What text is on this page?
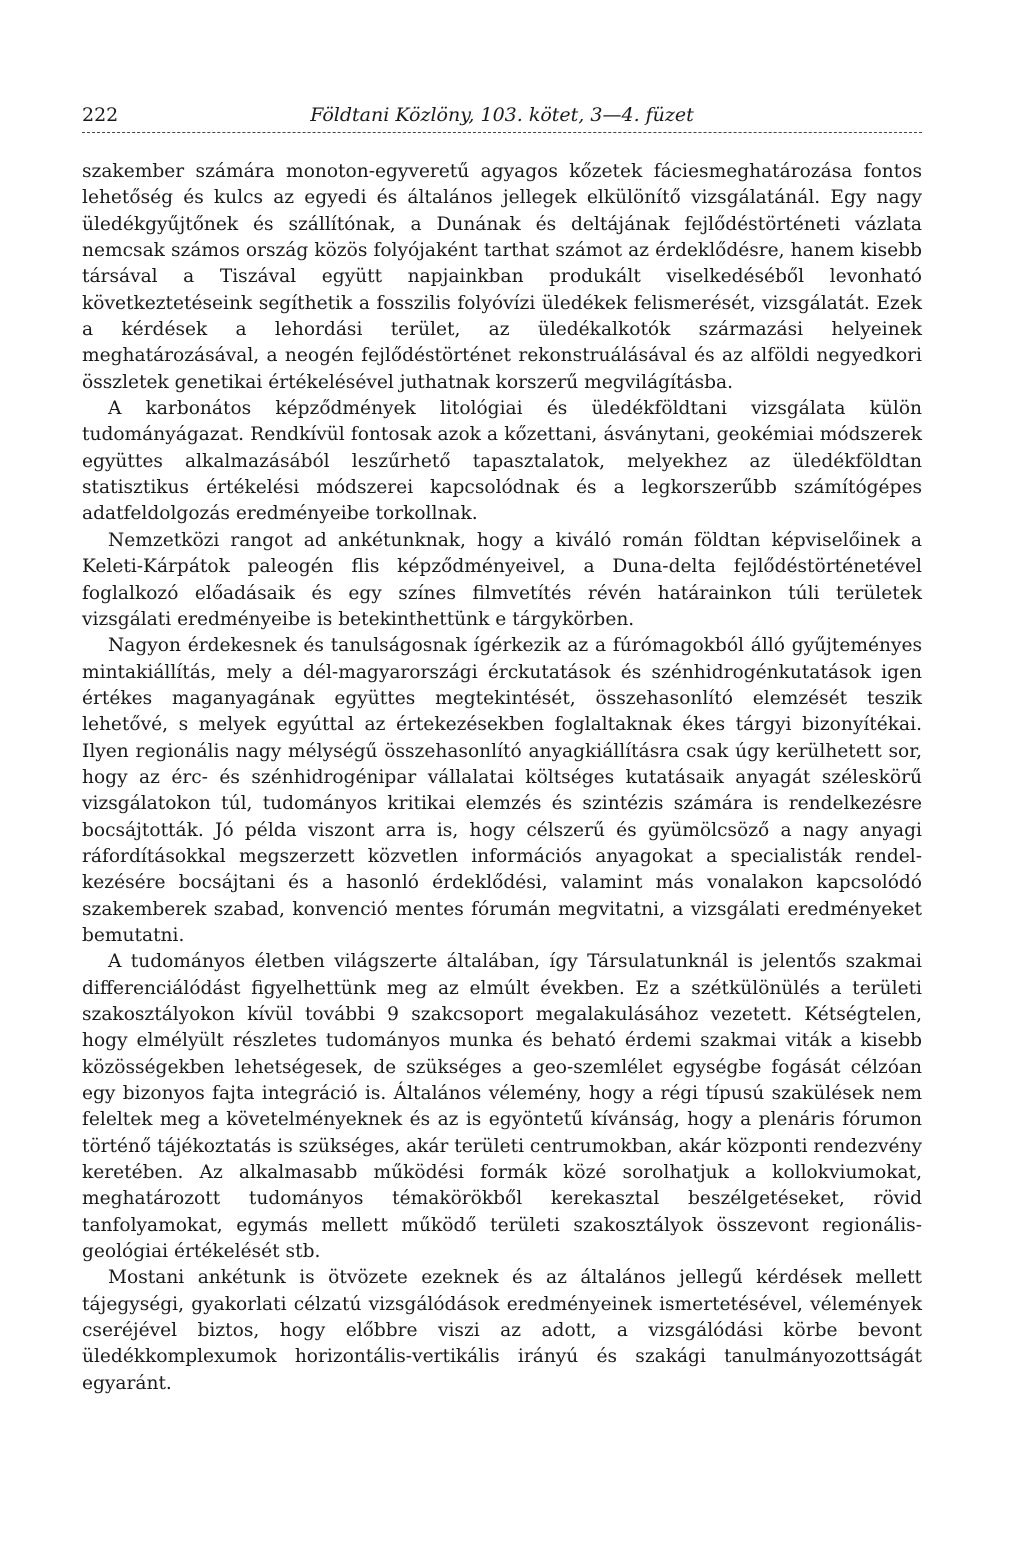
222	Földtani Közlöny, 103. kötet, 3—4. füzet

szakember számára monoton-egyveretű agyagos kőzetek fáciesmeghatározása fontos lehetőség és kulcs az egyedi és általános jellegek elkülönítő vizsgálatánál. Egy nagy üledékgyűjtőnek és szállítónak, a Dunának és deltájának fejlődéstörténeti vázlata nemcsak számos ország közös folyójaként tarthat számot az érdeklődésre, hanem kisebb társával a Tiszával együtt napjainkban produkált viselkedéséből levonható következtetéseink segíthetik a fosszilis folyóvízi üledékek felismerését, vizsgálatát. Ezek a kérdések a lehordási terület, az üledékalkotók származási helyeinek meghatározásával, a neogén fejlődéstörténet rekonstruálásával és az alföldi negyedkori összletek genetikai értékelésével juthatnak korszerű megvilágításba.

A karbonátos képződmények litológiai és üledékföldtani vizsgálata külön tudományágazat. Rendkívül fontosak azok a kőzettani, ásványtani, geokémiai módszerek együttes alkalmazásából leszűrhető tapasztalatok, melyekhez az üledékföldtan statisztikus értékelési módszerei kapcsolódnak és a legkorszerűbb számítógépes adatfeldolgozás eredményeibe torkollnak.

Nemzetközi rangot ad ankétunknak, hogy a kiváló román földtan képviselőinek a Keleti-Kárpátok paleogén flis képződményeivel, a Duna-delta fejlődéstörténetével foglalkozó előadásaik és egy színes filmvetítés révén határainkon túli területek vizsgálati eredményeibe is betekinthettünk e tárgykörben.

Nagyon érdekesnek és tanulságosnak ígérkezik az a fúrómagokból álló gyűjteményes mintakiállítás, mely a dél-magyarországi érckutatások és szénhidrogénkutatások igen értékes maganyagának együttes megtekintését, összehasonlító elemzését teszik lehetővé, s melyek egyúttal az értekezésekben foglaltaknak ékes tárgyi bizonyítékai. Ilyen regionális nagy mélységű összehasonlító anyagkiállításra csak úgy kerülhetett sor, hogy az érc- és szénhidrogénipar vállalatai költséges kutatásaik anyagát széleskörű vizsgálatokon túl, tudományos kritikai elemzés és szintézis számára is rendelkezésre bocsájtották. Jó példa viszont arra is, hogy célszerű és gyümölcsöző a nagy anyagi ráfordításokkal megszerzett közvetlen információs anyagokat a specialisták rendelkezésére bocsájtani és a hasonló érdeklődési, valamint más vonalakon kapcsolódó szakemberek szabad, konvenció mentes fórumán megvitatni, a vizsgálati eredményeket bemutatni.

A tudományos életben világszerte általában, így Társulatunknál is jelentős szakmai differenciálódást figyelhettünk meg az elmúlt években. Ez a szétkülönülés a területi szakosztályokon kívül további 9 szakcsoport megalakulásához vezetett. Kétségtelen, hogy elmélyült részletes tudományos munka és beható érdemi szakmai viták a kisebb közösségekben lehetségesek, de szükséges a geo-szemlélet egységbe fogását célzóan egy bizonyos fajta integráció is. Általános vélemény, hogy a régi típusú szakülések nem feleltek meg a követelményeknek és az is egyöntetű kívánság, hogy a plenáris fórumon történő tájékoztatás is szükséges, akár területi centrumokban, akár központi rendezvény keretében. Az alkalmasabb működési formák közé sorolhatjuk a kollokviumokat, meghatározott tudományos témakörökből kerekasztal beszélgetéseket, rövid tanfolyamokat, egymás mellett működő területi szakosztályok összevont regionális-geológiai értékelését stb.

Mostani ankétunk is ötvözete ezeknek és az általános jellegű kérdések mellett tájegységi, gyakorlati célzatú vizsgálódások eredményeinek ismertetésével, vélemények cseréjével biztos, hogy előbbre viszi az adott, a vizsgálódási körbe bevont üledékkomplexumok horizontális-vertikális irányú és szakági tanulmányozottságát egyaránt.
